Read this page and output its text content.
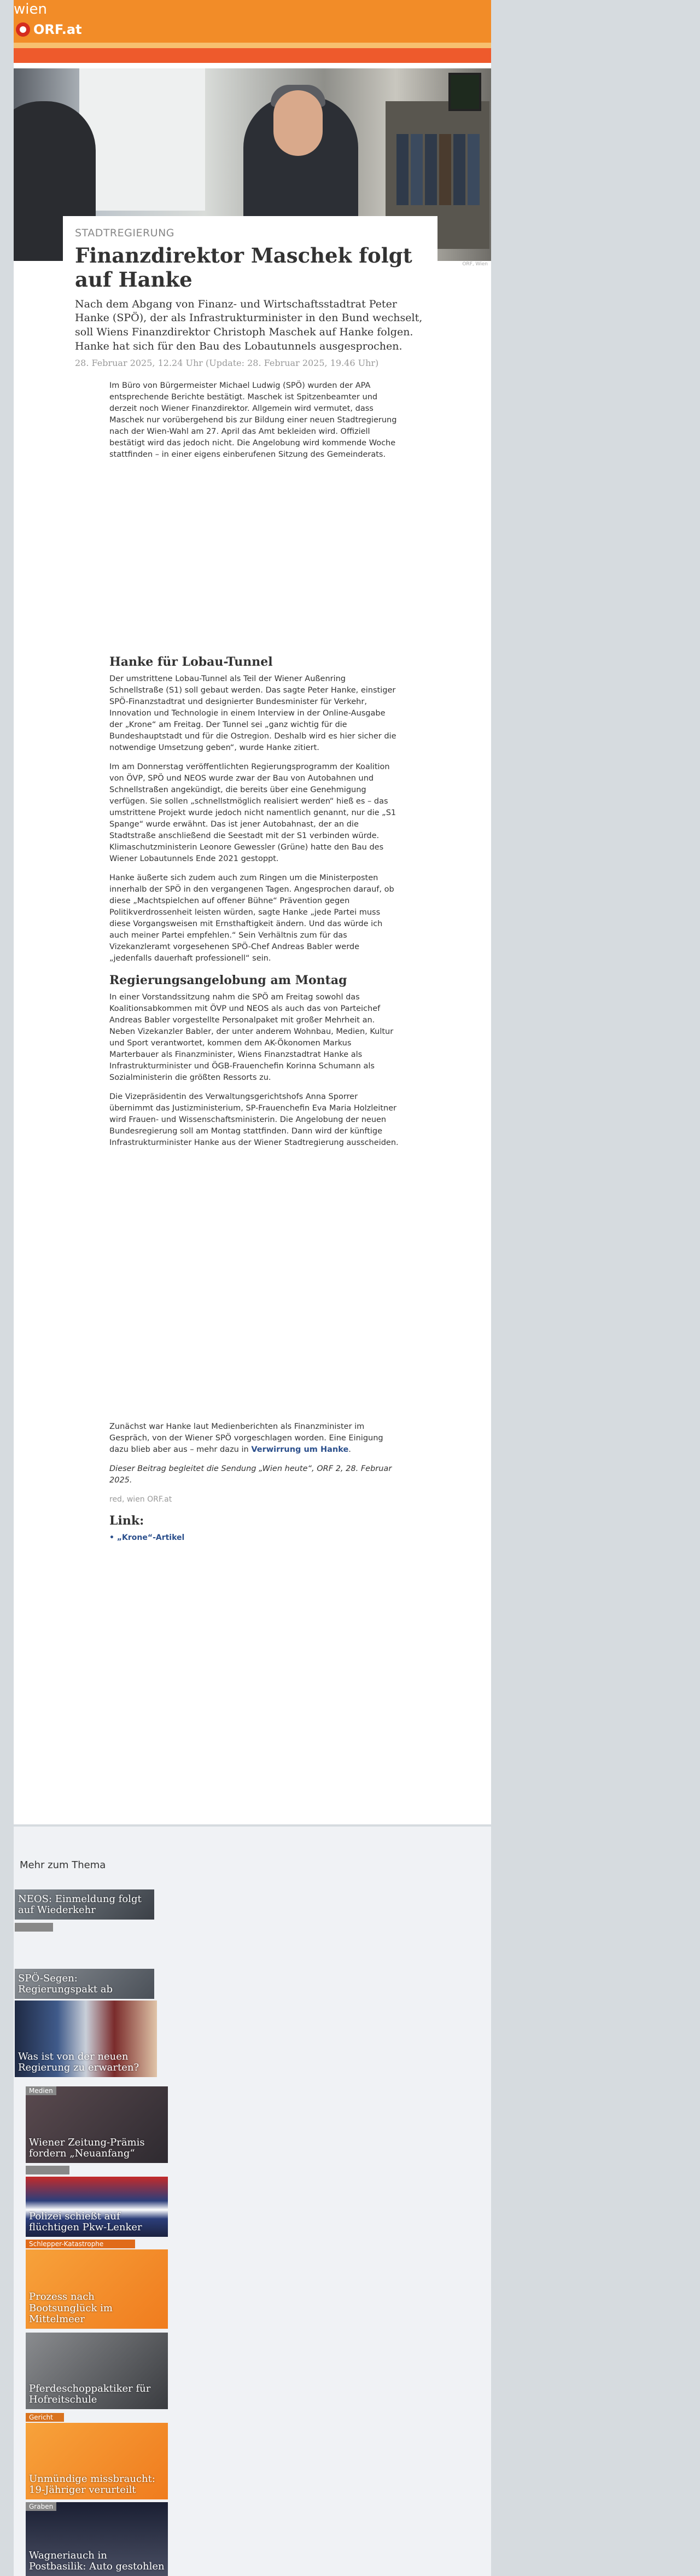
wien
ORF.at
ORF, Wien
STADTREGIERUNG
Finanzdirektor Maschek folgt auf Hanke

Nach dem Abgang von Finanz- und Wirtschaftsstadtrat Peter Hanke (SPÖ), der als Infrastrukturminister in den Bund wechselt, soll Wiens Finanzdirektor Christoph Maschek auf Hanke folgen. Hanke hat sich für den Bau des Lobautunnels ausgesprochen.

28. Februar 2025, 12.24 Uhr (Update: 28. Februar 2025, 19.46 Uhr)

Im Büro von Bürgermeister Michael Ludwig (SPÖ) wurden der APA entsprechende Berichte bestätigt. Maschek ist Spitzenbeamter und derzeit noch Wiener Finanzdirektor. Allgemein wird vermutet, dass Maschek nur vorübergehend bis zur Bildung einer neuen Stadtregierung nach der Wien-Wahl am 27. April das Amt bekleiden wird. Offiziell bestätigt wird das jedoch nicht. Die Angelobung wird kommende Woche stattfinden – in einer eigens einberufenen Sitzung des Gemeinderats.

Hanke für Lobau-Tunnel

Der umstrittene Lobau-Tunnel als Teil der Wiener Außenring Schnellstraße (S1) soll gebaut werden. Das sagte Peter Hanke, einstiger SPÖ-Finanzstadtrat und designierter Bundesminister für Verkehr, Innovation und Technologie in einem Interview in der Online-Ausgabe der „Krone“ am Freitag. Der Tunnel sei „ganz wichtig für die Bundeshauptstadt und für die Ostregion. Deshalb wird es hier sicher die notwendige Umsetzung geben“, wurde Hanke zitiert.

Im am Donnerstag veröffentlichten Regierungsprogramm der Koalition von ÖVP, SPÖ und NEOS wurde zwar der Bau von Autobahnen und Schnellstraßen angekündigt, die bereits über eine Genehmigung verfügen. Sie sollen „schnellstmöglich realisiert werden“ hieß es – das umstrittene Projekt wurde jedoch nicht namentlich genannt, nur die „S1 Spange“ wurde erwähnt. Das ist jener Autobahnast, der an die Stadtstraße anschließend die Seestadt mit der S1 verbinden würde. Klimaschutzministerin Leonore Gewessler (Grüne) hatte den Bau des Wiener Lobautunnels Ende 2021 gestoppt.

Hanke äußerte sich zudem auch zum Ringen um die Ministerposten innerhalb der SPÖ in den vergangenen Tagen. Angesprochen darauf, ob diese „Machtspielchen auf offener Bühne“ Prävention gegen Politikverdrossenheit leisten würden, sagte Hanke „jede Partei muss diese Vorgangsweisen mit Ernsthaftigkeit ändern. Und das würde ich auch meiner Partei empfehlen.“ Sein Verhältnis zum für das Vizekanzleramt vorgesehenen SPÖ-Chef Andreas Babler werde „jedenfalls dauerhaft professionell“ sein.

Regierungsangelobung am Montag

In einer Vorstandssitzung nahm die SPÖ am Freitag sowohl das Koalitionsabkommen mit ÖVP und NEOS als auch das von Parteichef Andreas Babler vorgestellte Personalpaket mit großer Mehrheit an. Neben Vizekanzler Babler, der unter anderem Wohnbau, Medien, Kultur und Sport verantwortet, kommen dem AK-Ökonomen Markus Marterbauer als Finanzminister, Wiens Finanzstadtrat Hanke als Infrastrukturminister und ÖGB-Frauenchefin Korinna Schumann als Sozialministerin die größten Ressorts zu.

Die Vizepräsidentin des Verwaltungsgerichtshofs Anna Sporrer übernimmt das Justizministerium, SP-Frauenchefin Eva Maria Holzleitner wird Frauen- und Wissenschaftsministerin. Die Angelobung der neuen Bundesregierung soll am Montag stattfinden. Dann wird der künftige Infrastrukturminister Hanke aus der Wiener Stadtregierung ausscheiden.

Zunächst war Hanke laut Medienberichten als Finanzminister im Gespräch, von der Wiener SPÖ vorgeschlagen worden. Eine Einigung dazu blieb aber aus – mehr dazu in Verwirrung um Hanke.

Dieser Beitrag begleitet die Sendung „Wien heute“, ORF 2, 28. Februar 2025.

red, wien ORF.at

Link:
• „Krone“-Artikel
Mehr zum Thema
NEOS: Einmeldung folgt auf Wiederkehr
SPÖ-Segen: Regierungspakt ab
Was ist von der neuen Regierung zu erwarten?
Medien
Wiener Zeitung-Prämis fordern „Neuanfang“
Polizei schießt auf flüchtigen Pkw-Lenker
Schlepper-Katastrophe
Prozess nach Bootsunglück im Mittelmeer
Pferdeschoppaktiker für Hofreitschule
Gericht
Unmündige missbraucht: 19-Jähriger verurteilt
Graben
Wagneriauch in Postbasilik: Auto gestohlen
